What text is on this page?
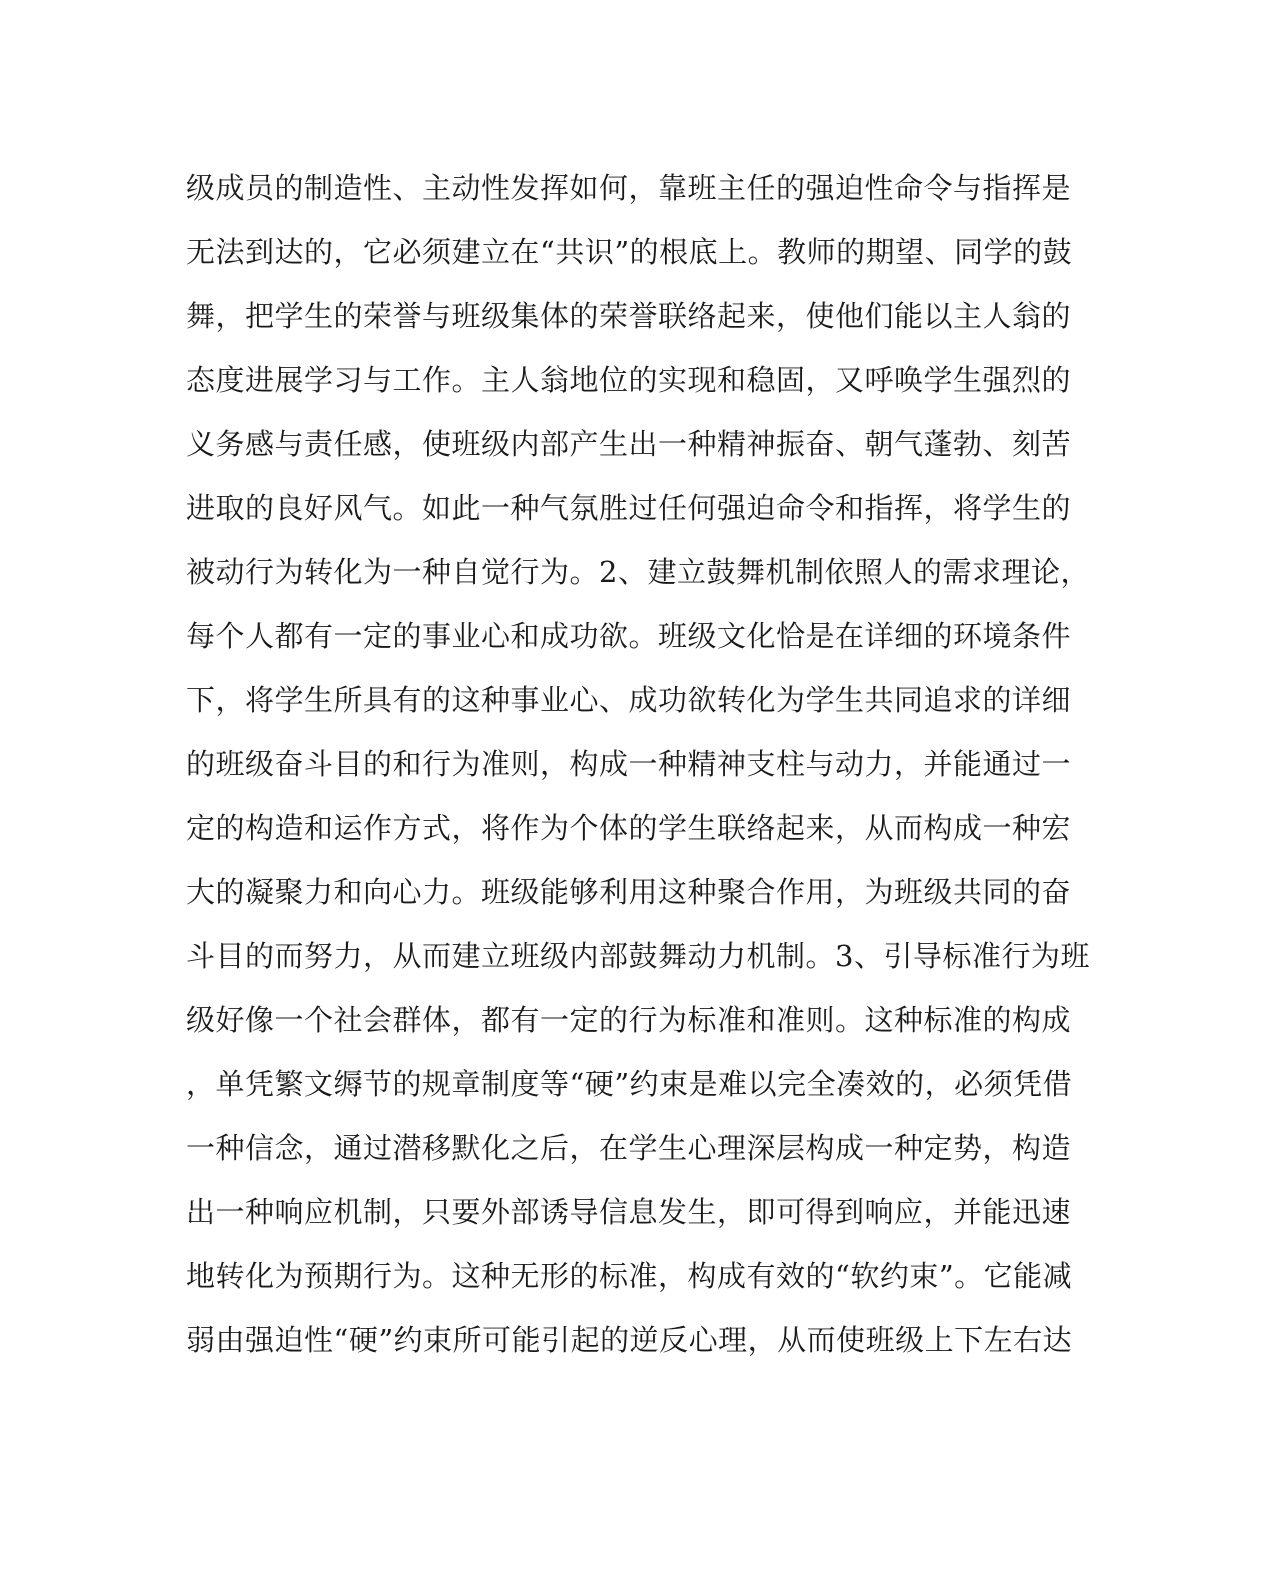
级成员的制造性、主动性发挥如何，靠班主任的强迫性命令与指挥是
无法到达的，它必须建立在“共识”的根底上。教师的期望、同学的鼓
舞，把学生的荣誉与班级集体的荣誉联络起来，使他们能以主人翁的
态度进展学习与工作。主人翁地位的实现和稳固，又呼唤学生强烈的
义务感与责任感，使班级内部产生出一种精神振奋、朝气蓬勃、刻苦
进取的良好风气。如此一种气氛胜过任何强迫命令和指挥，将学生的
被动行为转化为一种自觉行为。2、建立鼓舞机制依照人的需求理论，
每个人都有一定的事业心和成功欲。班级文化恰是在详细的环境条件
下，将学生所具有的这种事业心、成功欲转化为学生共同追求的详细
的班级奋斗目的和行为准则，构成一种精神支柱与动力，并能通过一
定的构造和运作方式，将作为个体的学生联络起来，从而构成一种宏
大的凝聚力和向心力。班级能够利用这种聚合作用，为班级共同的奋
斗目的而努力，从而建立班级内部鼓舞动力机制。3、引导标准行为班
级好像一个社会群体，都有一定的行为标准和准则。这种标准的构成
，单凭繁文缛节的规章制度等“硬”约束是难以完全凑效的，必须凭借
一种信念，通过潜移默化之后，在学生心理深层构成一种定势，构造
出一种响应机制，只要外部诱导信息发生，即可得到响应，并能迅速
地转化为预期行为。这种无形的标准，构成有效的“软约束”。它能减
弱由强迫性“硬”约束所可能引起的逆反心理，从而使班级上下左右达
